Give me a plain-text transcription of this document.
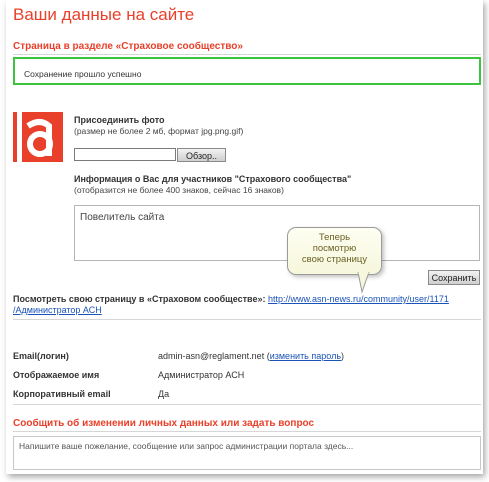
Ваши данные на сайте
Страница в разделе «Страховое сообщество»
Сохранение прошло успешно
Присоединить фото
(размер не более 2 мб, формат jpg.png.gif)
Обзор..
Информация о Вас для участников "Страхового сообщества"
(отобразится не более 400 знаков, сейчас 16 знаков)
Повелитель сайта
Теперь
посмотрю
свою страницу
Сохранить
Посмотреть свою страницу в «Страховом сообществе»: http://www.asn-news.ru/community/user/1171
/Администратор АСН
Email(логин)	admin-asn@reglament.net (изменить пароль)
Отображаемое имя	Администратор АСН
Корпоративный email	Да
Сообщить об изменении личных данных или задать вопрос
Напишите ваше пожелание, сообщение или запрос администрации портала здесь...
